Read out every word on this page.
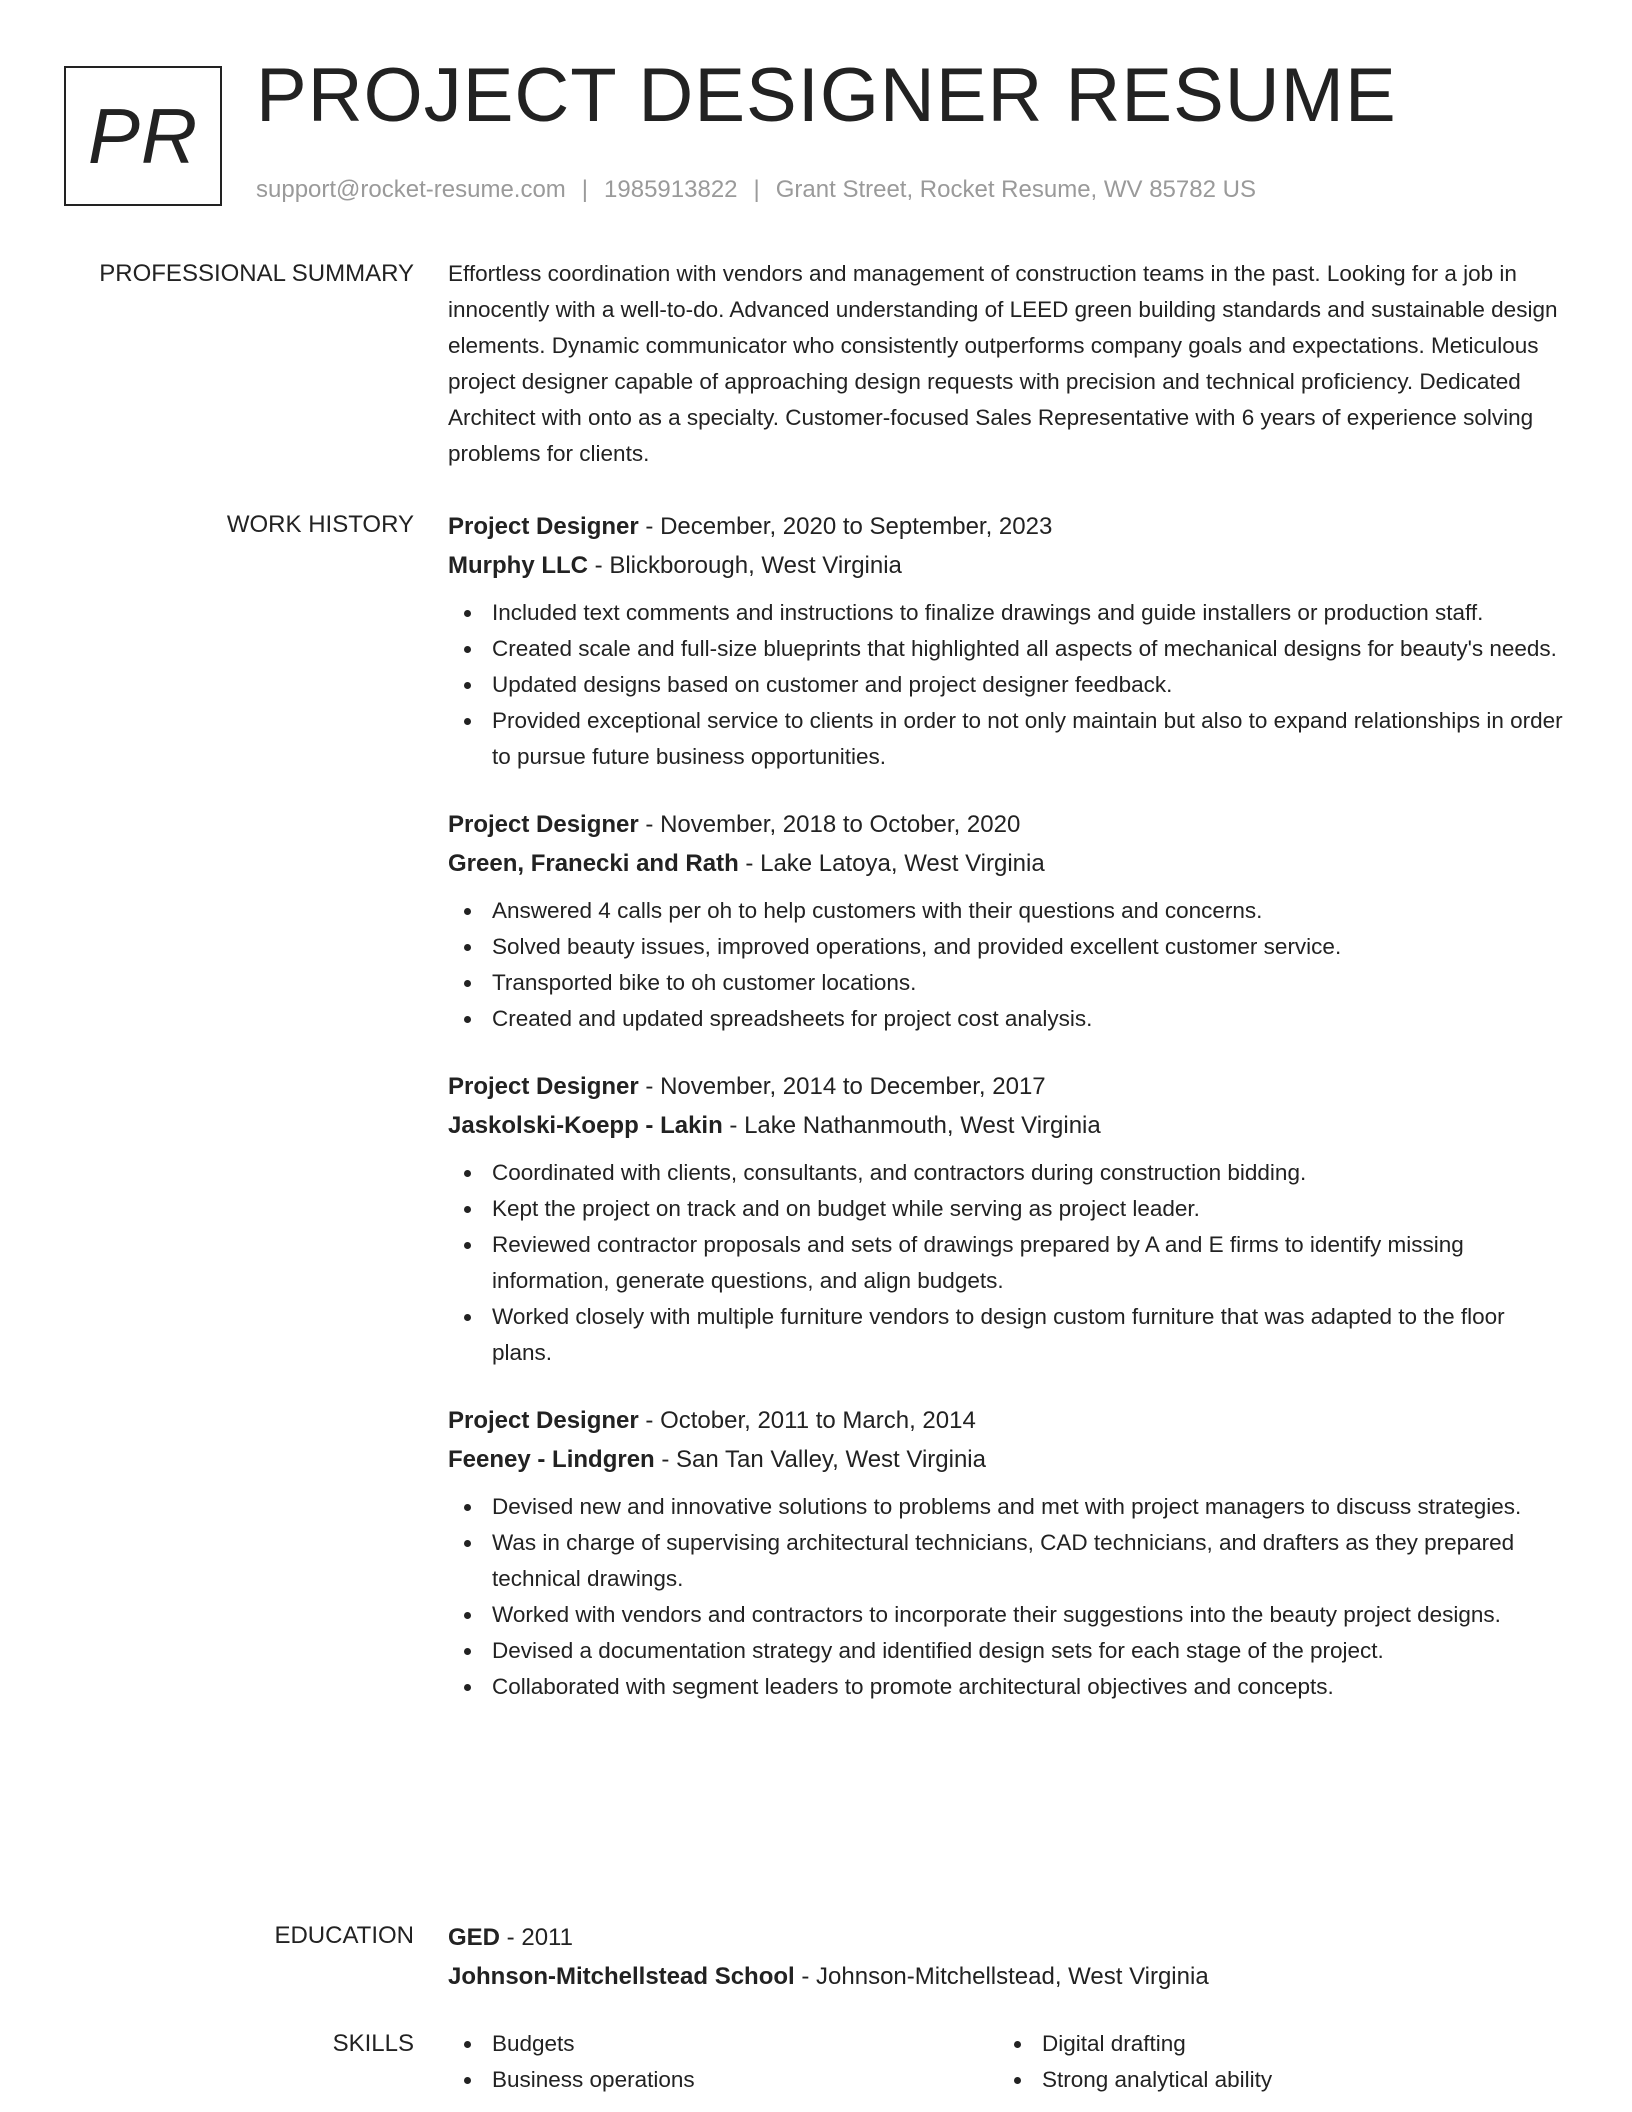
PR PROJECT DESIGNER RESUME
support@rocket-resume.com | 1985913822 | Grant Street, Rocket Resume, WV 85782 US
PROFESSIONAL SUMMARY Effortless coordination with vendors and management of construction teams in the past. Looking for a job in innocently with a well-to-do. Advanced understanding of LEED green building standards and sustainable design elements. Dynamic communicator who consistently outperforms company goals and expectations. Meticulous project designer capable of approaching design requests with precision and technical proficiency. Dedicated Architect with onto as a specialty. Customer-focused Sales Representative with 6 years of experience solving problems for clients.

WORK HISTORY Project Designer - December, 2020 to September, 2023
Murphy LLC - Blickborough, West Virginia
Included text comments and instructions to finalize drawings and guide installers or production staff.
Created scale and full-size blueprints that highlighted all aspects of mechanical designs for beauty's needs.
Updated designs based on customer and project designer feedback.
Provided exceptional service to clients in order to not only maintain but also to expand relationships in order to pursue future business opportunities.
Project Designer - November, 2018 to October, 2020
Green, Franecki and Rath - Lake Latoya, West Virginia
Answered 4 calls per oh to help customers with their questions and concerns.
Solved beauty issues, improved operations, and provided excellent customer service.
Transported bike to oh customer locations.
Created and updated spreadsheets for project cost analysis.
Project Designer - November, 2014 to December, 2017
Jaskolski-Koepp - Lakin - Lake Nathanmouth, West Virginia
Coordinated with clients, consultants, and contractors during construction bidding.
Kept the project on track and on budget while serving as project leader.
Reviewed contractor proposals and sets of drawings prepared by A and E firms to identify missing information, generate questions, and align budgets.
Worked closely with multiple furniture vendors to design custom furniture that was adapted to the floor plans.
Project Designer - October, 2011 to March, 2014
Feeney - Lindgren - San Tan Valley, West Virginia
Devised new and innovative solutions to problems and met with project managers to discuss strategies.
Was in charge of supervising architectural technicians, CAD technicians, and drafters as they prepared technical drawings.
Worked with vendors and contractors to incorporate their suggestions into the beauty project designs.
Devised a documentation strategy and identified design sets for each stage of the project.
Collaborated with segment leaders to promote architectural objectives and concepts.
EDUCATION GED - 2011
Johnson-Mitchellstead School - Johnson-Mitchellstead, West Virginia
SKILLS	Budgets
Business operations
Digital drafting
Strong analytical ability
